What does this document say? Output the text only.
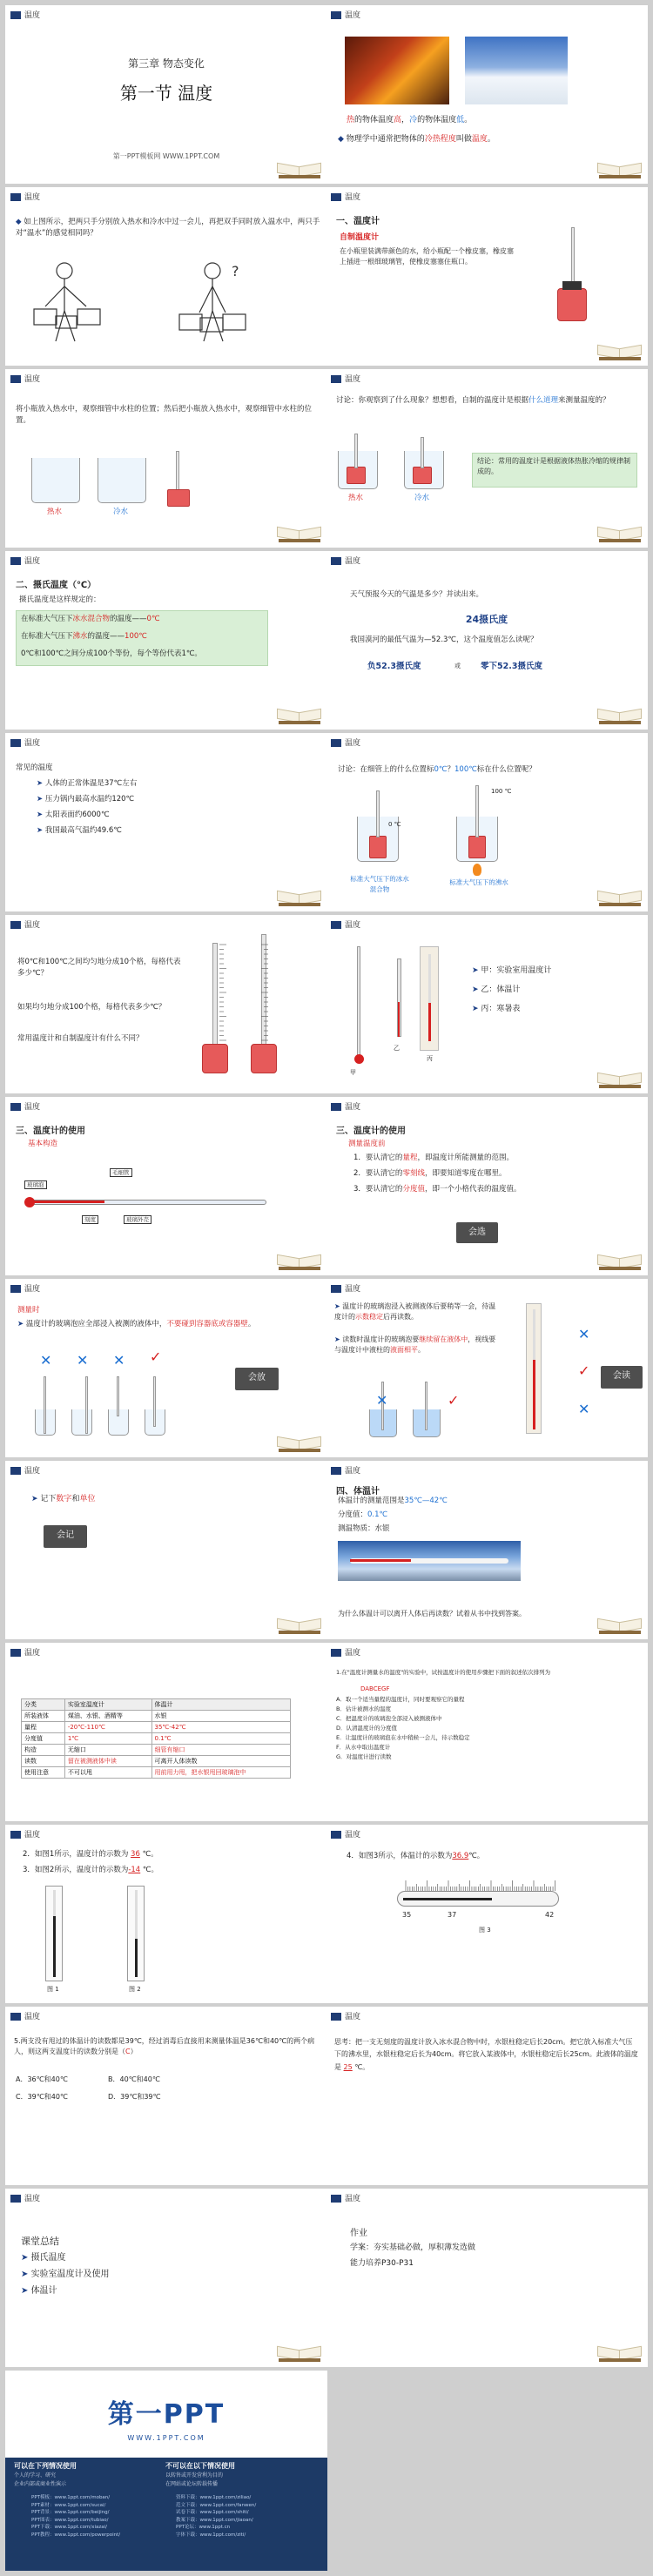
温度
第三章 物态变化
第一节 温度
第一PPT模板网 WWW.1PPT.COM
温度
热的物体温度高，冷的物体温度低。
◆ 物理学中通常把物体的冷热程度叫做温度。
温度
◆ 如上图所示，把两只手分别放入热水和冷水中过一会儿，再把双手同时放入温水中，两只手对“温水”的感觉相同吗？
?
温度
一、温度计
自制温度计
在小瓶里装满带颜色的水，给小瓶配一个橡皮塞，橡皮塞上插进一根细玻璃管，使橡皮塞塞住瓶口。
温度
将小瓶放入热水中，观察细管中水柱的位置；然后把小瓶放入热水中，观察细管中水柱的位置。
热水	冷水
温度
讨论：你观察到了什么现象？想想看，自制的温度计是根据什么道理来测量温度的？
热水	冷水
结论：常用的温度计是根据液体热胀冷缩的规律制成的。
温度
二、摄氏温度（℃）
摄氏温度是这样规定的：
在标准大气压下冰水混合物的温度——0℃
在标准大气压下沸水的温度——100℃
0℃和100℃之间分成100个等份，每个等份代表1℃。
温度
天气预报今天的气温是多少？并读出来。
24摄氏度
我国漠河的最低气温为—52.3℃，这个温度值怎么读呢？
负52.3摄氏度	或 零下52.3摄氏度
温度
常见的温度
➤ 人体的正常体温是37℃左右
➤ 压力锅内最高水温约120℃
➤ 太阳表面约6000℃
➤ 我国最高气温约49.6℃
温度
讨论：在细管上的什么位置标0℃？100℃标在什么位置呢？
0 ℃
100 ℃
标准大气压下的冰水混合物
标准大气压下的沸水
温度
将0℃和100℃之间均匀地分成10个格，每格代表多少℃？
如果均匀地分成100个格，每格代表多少℃？
常用温度计和自制温度计有什么不同？
温度
甲
乙
丙
➤ 甲：实验室用温度计
➤ 乙：体温计
➤ 丙：寒暑表
温度
三、温度计的使用
基本构造
玻璃泡
毛细管
刻度	玻璃外壳
温度
三、温度计的使用
测量温度前
1．要认清它的量程，即温度计所能测量的范围。
2．要认清它的零刻线，即要知道零度在哪里。
3．要认清它的分度值，即一个小格代表的温度值。
会选
温度
测量时
➤ 温度计的玻璃泡应全部浸入被测的液体中，不要碰到容器底或容器壁。
✕ ✕ ✕ ✓
会放
温度
➤ 温度计的玻璃泡浸入被测液体后要稍等一会，待温度计的示数稳定后再读数。
➤ 读数时温度计的玻璃泡要继续留在液体中，视线要与温度计中液柱的液面相平。
✕	✓
✓
✕
✕
会读
温度
➤ 记下数字和单位
会记
温度
四、体温计
体温计的测量范围是35℃—42℃
分度值：0.1℃
测温物质：水银
为什么体温计可以离开人体后再读数？试着从书中找到答案。
温度
分类	实验室温度计	体温计
所装液体	煤油、水银、酒精等	水银
量程	-20℃-110℃	35℃-42℃
分度值	1℃	0.1℃
构造	无缩口	细管有缩口
读数	留在被测液体中读	可离开人体读数
使用注意	不可以甩	用前用力甩，把水银甩回玻璃泡中
温度
1.在"温度计测量水的温度"的实验中，试按温度计的使用步骤把下面的叙述依次排列为
DABCEGF
A．取一个适当量程的温度计，同时要观察它的量程
B．估计被测水的温度
C．把温度计的玻璃泡全部浸入被测液体中
D．认清温度计的分度值
E．让温度计的玻璃泡在水中稍候一会儿，待示数稳定
F．从水中取出温度计
G．对温度计进行读数
温度
2．如图1所示，温度计的示数为 36 ℃。
3．如图2所示，温度计的示数为-14 ℃。
图 1	图 2
温度
4．如图3所示，体温计的示数为36.9℃。
35	37	42
图 3
温度
5.两支没有甩过的体温计的读数都是39℃，经过消毒后直接用来测量体温是36℃和40℃的两个病人，则这两支温度计的读数分别是（C）
A．36℃和40℃	B．40℃和40℃
C．39℃和40℃	D．39℃和39℃
温度
思考：把一支无刻度的温度计放入冰水混合物中时，水银柱稳定后长20cm。把它放入标准大气压下的沸水里，水银柱稳定后长为40cm。将它放入某液体中，水银柱稳定后长25cm。此液体的温度是 25 ℃。
温度
课堂总结
➤ 摄氏温度
➤ 实验室温度计及使用
➤ 体温计
温度
作业
学案：夯实基础必做，厚积薄发选做
能力培养P30-P31
第一PPT
WWW.1PPT.COM
可以在下列情况使用
个人的学习、研究
企业内部或商业性演示
不可以在以下情况使用
以转售或开发营利为目的
在网站或论坛转载传播
PPT模板：www.1ppt.com/moban/
PPT素材：www.1ppt.com/sucai/
PPT背景：www.1ppt.com/beijing/
PPT图表：www.1ppt.com/tubiao/
PPT下载：www.1ppt.com/xiazai/
PPT教程：www.1ppt.com/powerpoint/
资料下载：www.1ppt.com/ziliao/
范文下载：www.1ppt.com/fanwen/
试卷下载：www.1ppt.com/shiti/
教案下载：www.1ppt.com/jiaoan/
PPT论坛：www.1ppt.cn
字体下载：www.1ppt.com/ziti/
